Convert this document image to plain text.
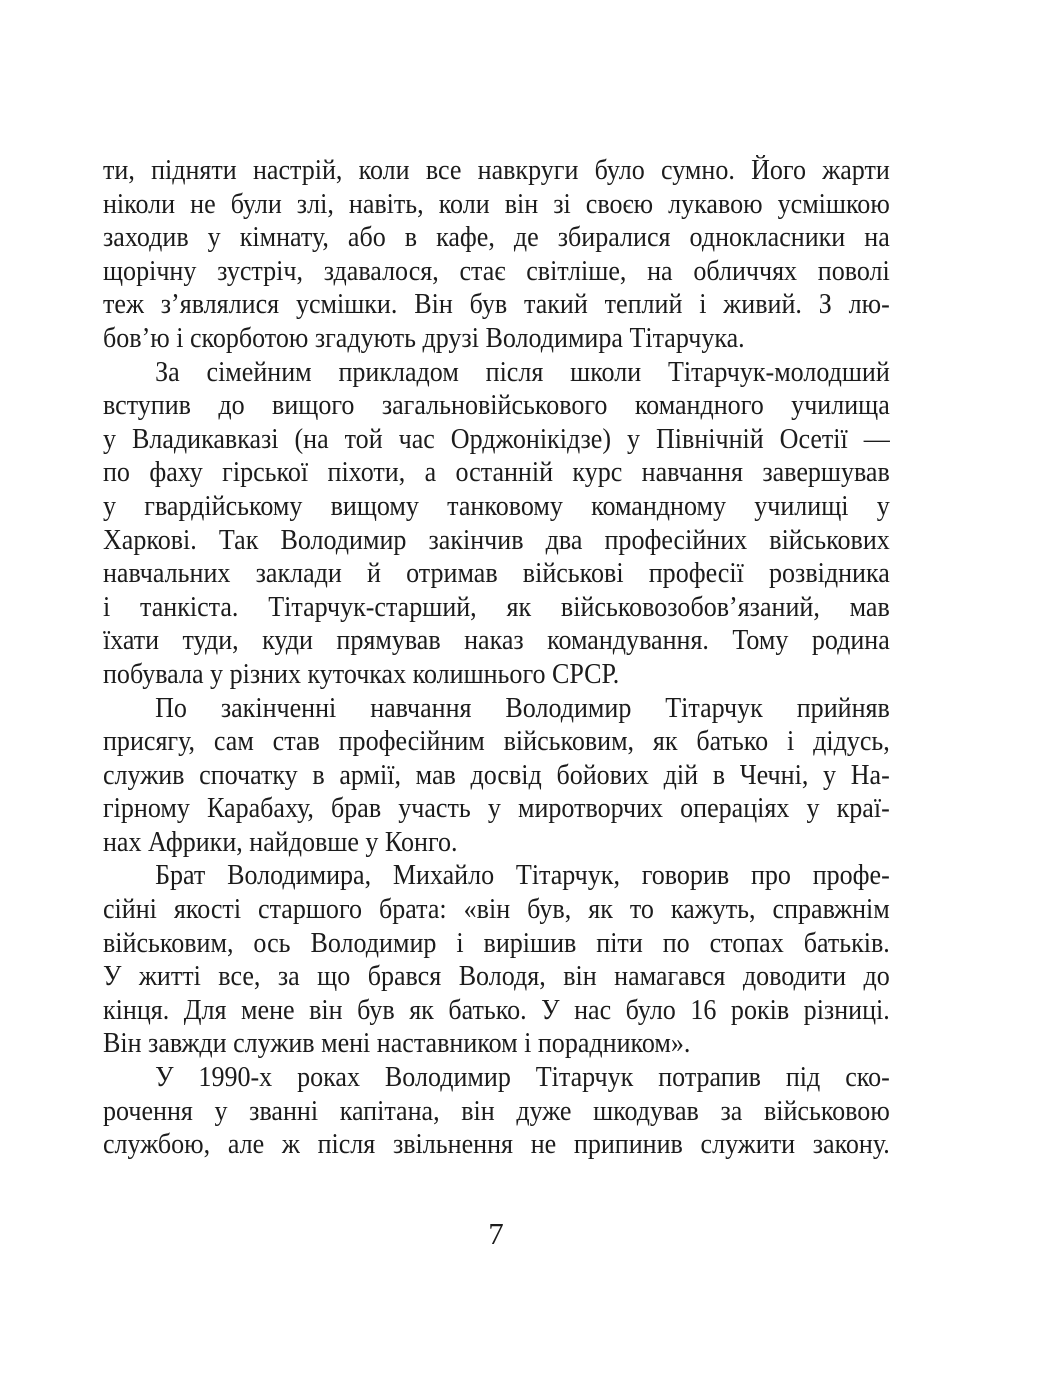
ти, підняти настрій, коли все навкруги було сумно. Його жарти
ніколи не були злі, навіть, коли він зі своєю лукавою усмішкою
заходив у кімнату, або в кафе, де збиралися однокласники на
щорічну зустріч, здавалося, стає світліше, на обличчях поволі
теж з’являлися усмішки. Він був такий теплий і живий. З лю-
бов’ю і скорботою згадують друзі Володимира Тітарчука.
За сімейним прикладом після школи Тітарчук-молодший
вступив до вищого загальновійськового командного училища
у Владикавказі (на той час Орджонікідзе) у Північній Осетії —
по фаху гірської піхоти, а останній курс навчання завершував
у гвардійському вищому танковому командному училищі у
Харкові. Так Володимир закінчив два професійних військових
навчальних заклади й отримав військові професії розвідника
і танкіста. Тітарчук-старший, як військовозобов’язаний, мав
їхати туди, куди прямував наказ командування. Тому родина
побувала у різних куточках колишнього СРСР.
По закінченні навчання Володимир Тітарчук прийняв
присягу, сам став професійним військовим, як батько і дідусь,
служив спочатку в армії, мав досвід бойових дій в Чечні, у На-
гірному Карабаху, брав участь у миротворчих операціях у краї-
нах Африки, найдовше у Конго.
Брат Володимира, Михайло Тітарчук, говорив про профе-
сійні якості старшого брата: «він був, як то кажуть, справжнім
військовим, ось Володимир і вирішив піти по стопах батьків.
У житті все, за що брався Володя, він намагався доводити до
кінця. Для мене він був як батько. У нас було 16 років різниці.
Він завжди служив мені наставником і порадником».
У 1990-х роках Володимир Тітарчук потрапив під ско-
рочення у званні капітана, він дуже шкодував за військовою
службою, але ж після звільнення не припинив служити закону.
7
